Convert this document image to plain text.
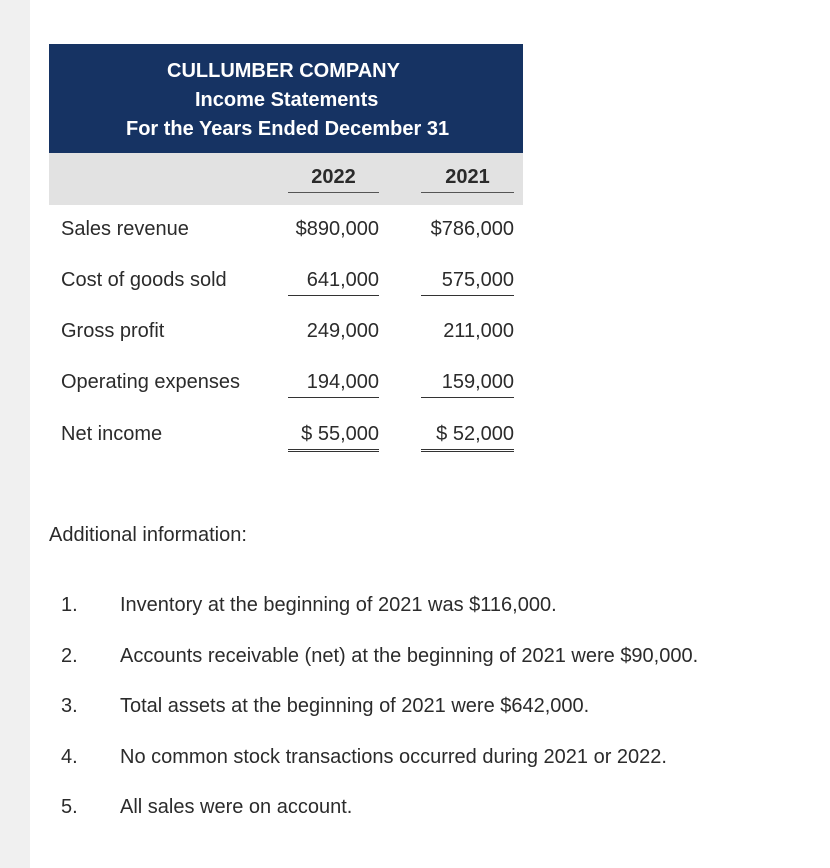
CULLUMBER COMPANY
Income Statements
For the Years Ended December 31
2022	2021
Sales revenue	$890,000	$786,000
Cost of goods sold	641,000	575,000
Gross profit	249,000	211,000
Operating expenses	194,000	159,000
Net income	$ 55,000	$ 52,000
Additional information:
1. Inventory at the beginning of 2021 was $116,000.
2. Accounts receivable (net) at the beginning of 2021 were $90,000.
3. Total assets at the beginning of 2021 were $642,000.
4. No common stock transactions occurred during 2021 or 2022.
5. All sales were on account.
